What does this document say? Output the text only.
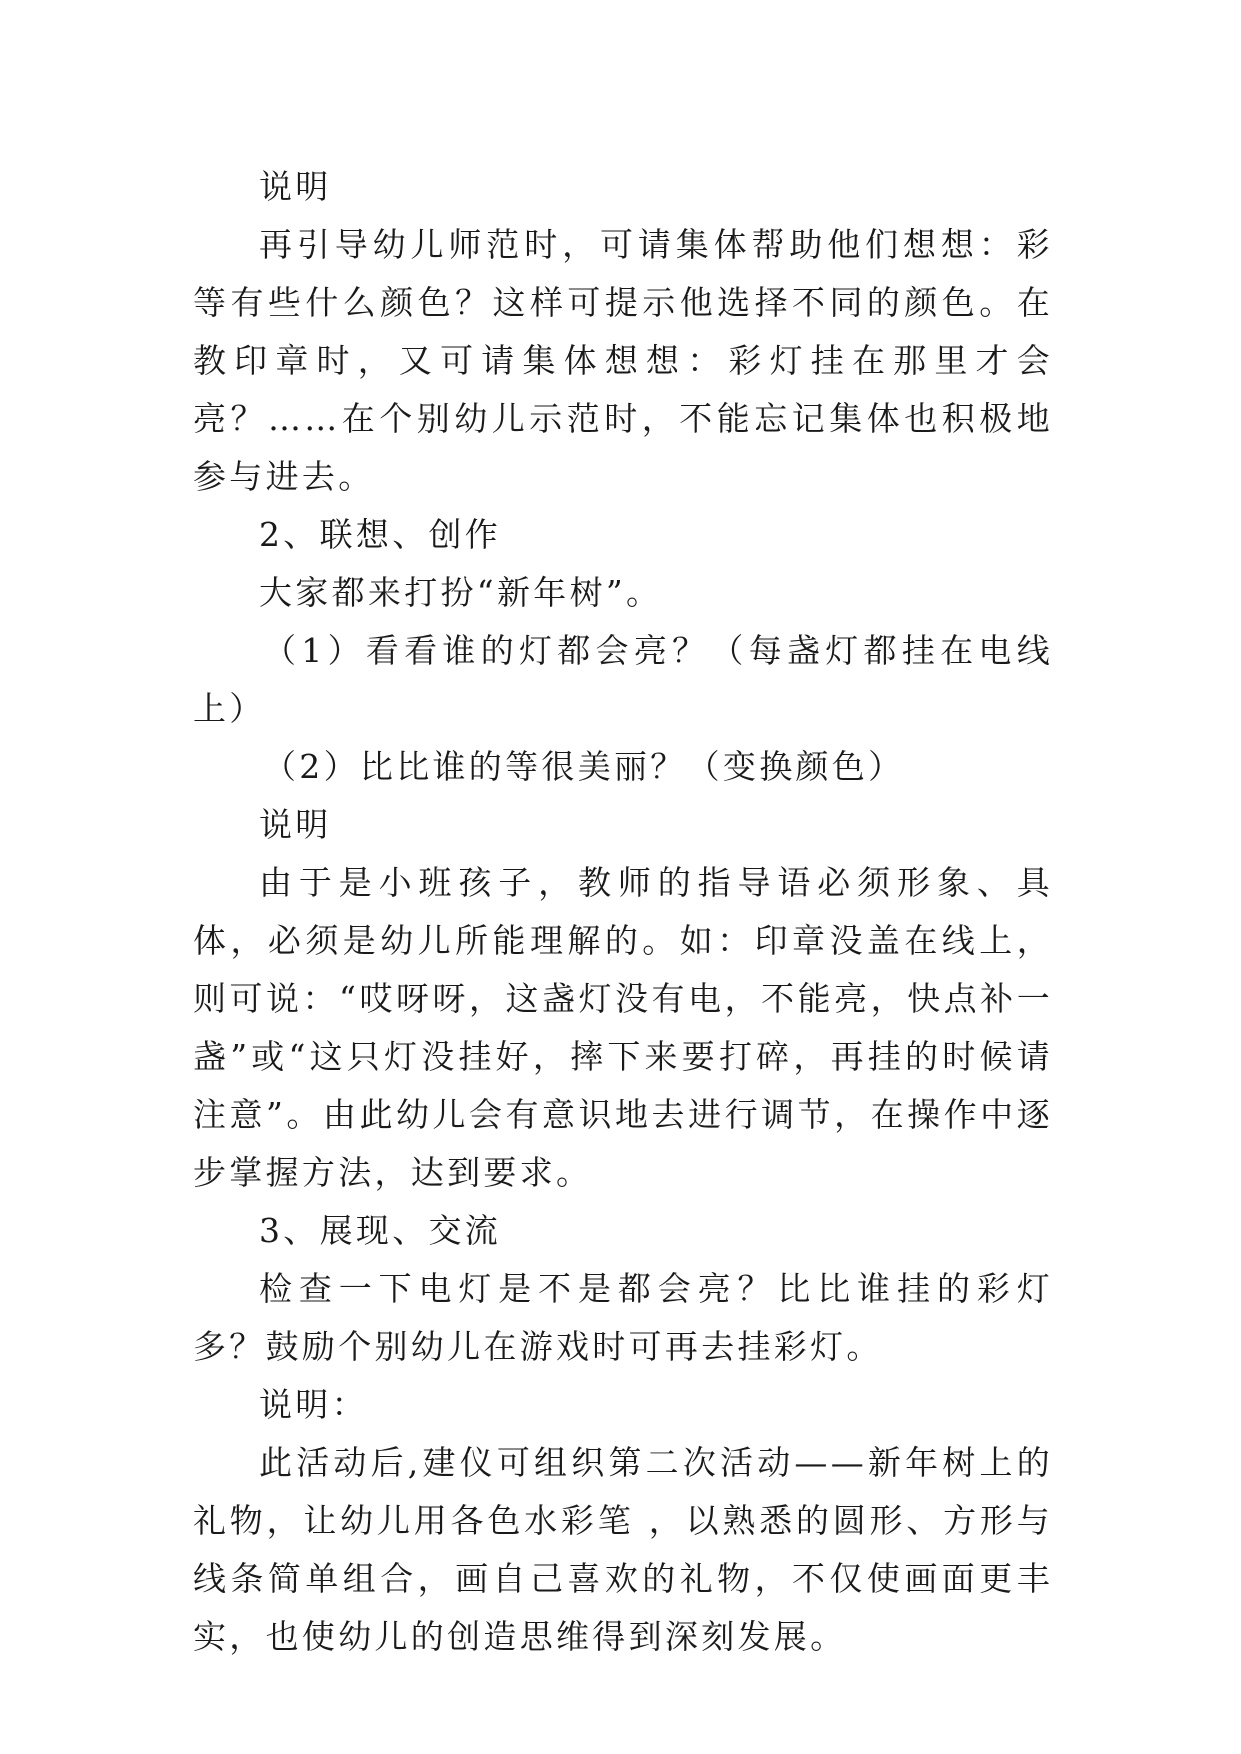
说明

再引导幼儿师范时，可请集体帮助他们想想：彩等有些什么颜色？这样可提示他选择不同的颜色。在教印章时，又可请集体想想：彩灯挂在那里才会亮？……在个别幼儿示范时，不能忘记集体也积极地参与进去。

2、联想、创作

大家都来打扮“新年树”。

（1）看看谁的灯都会亮？（每盏灯都挂在电线上）

（2）比比谁的等很美丽？（变换颜色）

说明

由于是小班孩子，教师的指导语必须形象、具体，必须是幼儿所能理解的。如：印章没盖在线上，则可说：“哎呀呀，这盏灯没有电，不能亮，快点补一盏”或“这只灯没挂好，摔下来要打碎，再挂的时候请注意”。由此幼儿会有意识地去进行调节，在操作中逐步掌握方法，达到要求。

3、展现、交流

检查一下电灯是不是都会亮？比比谁挂的彩灯多？鼓励个别幼儿在游戏时可再去挂彩灯。

说明：

此活动后,建仪可组织第二次活动——新年树上的礼物，让幼儿用各色水彩笔 ，以熟悉的圆形、方形与线条简单组合，画自己喜欢的礼物，不仅使画面更丰实，也使幼儿的创造思维得到深刻发展。
